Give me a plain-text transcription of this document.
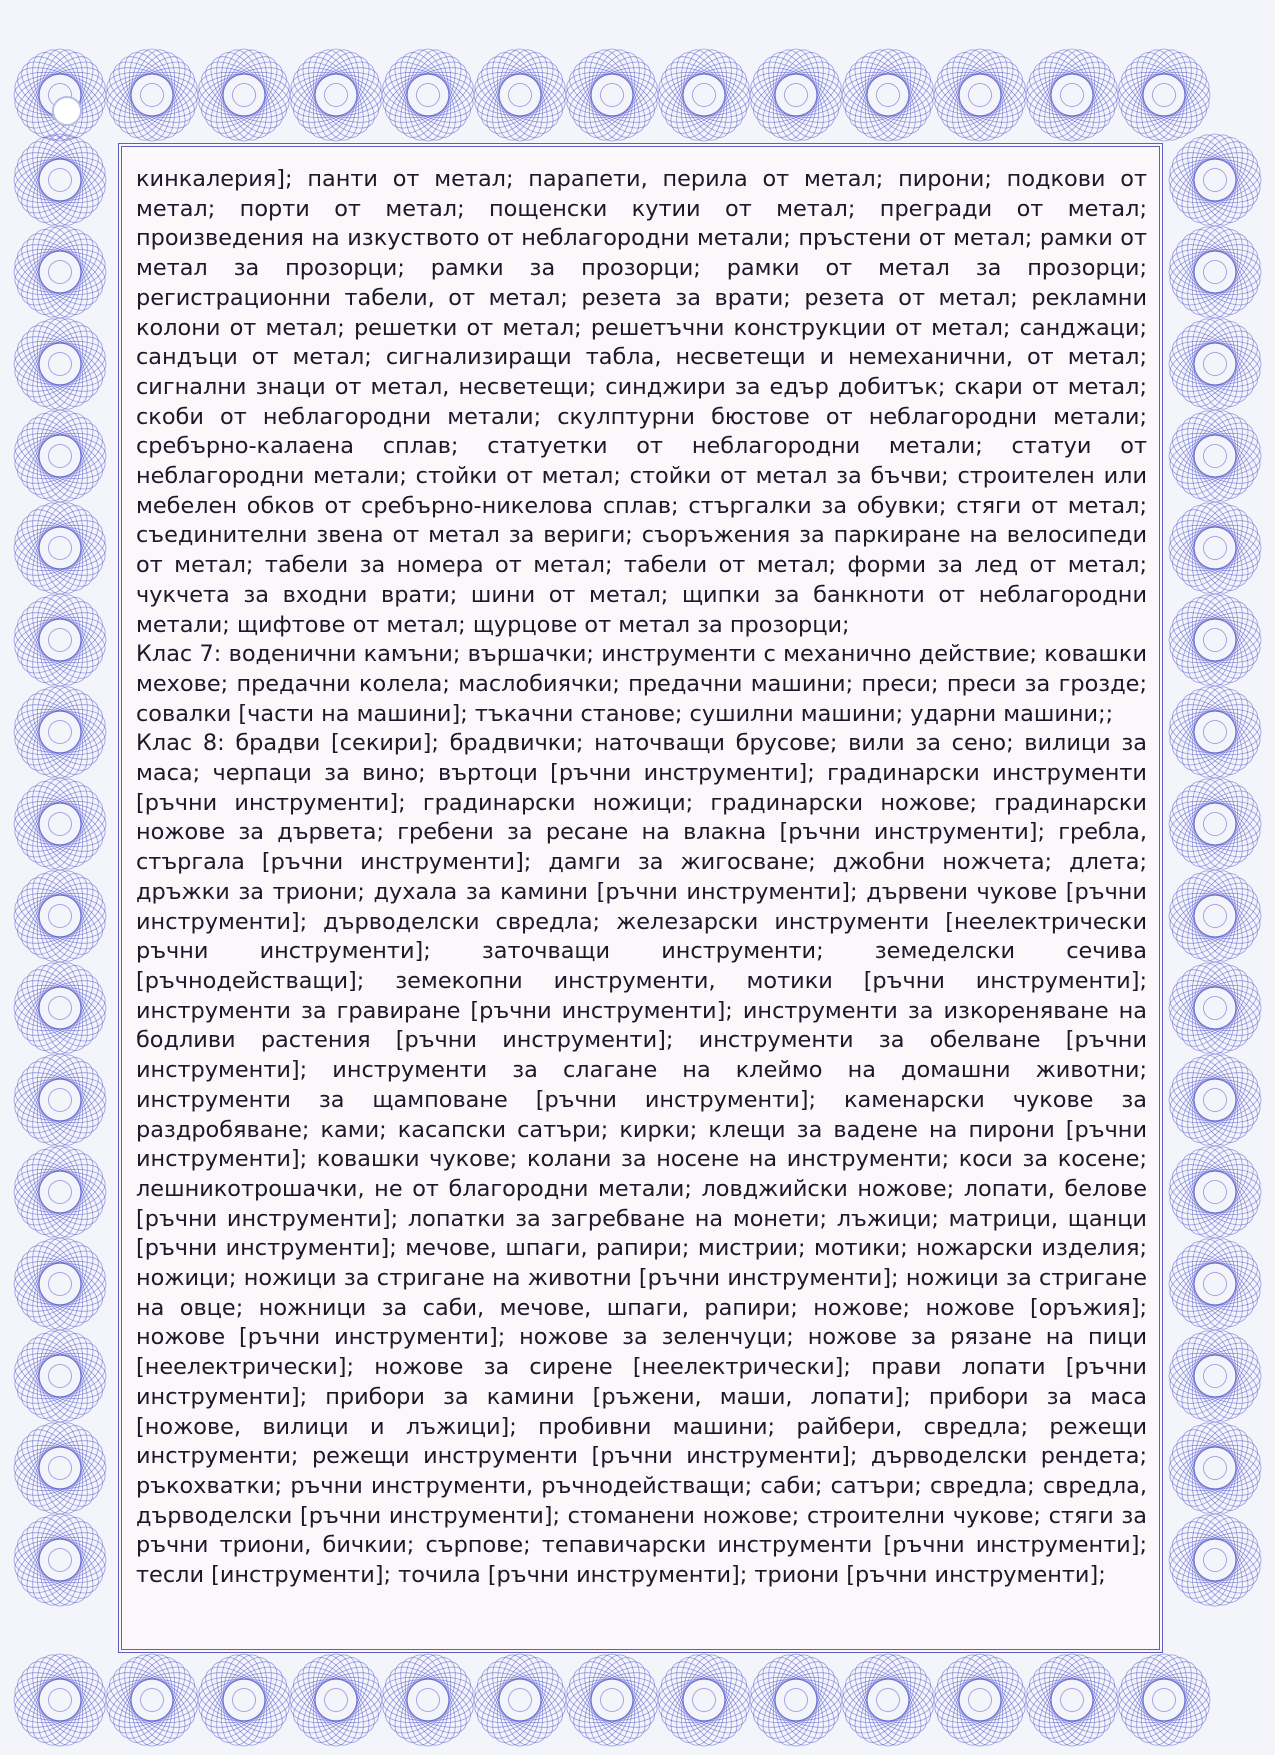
кинкалерия]; панти от метал; парапети, перила от метал; пирони; подкови от метал; порти от метал; пощенски кутии от метал; прегради от метал; произведения на изкуството от неблагородни метали; пръстени от метал; рамки от метал за прозорци; рамки за прозорци; рамки от метал за прозорци; регистрационни табели, от метал; резета за врати; резета от метал; рекламни колони от метал; решетки от метал; решетъчни конструкции от метал; санджаци; сандъци от метал; сигнализиращи табла, несветещи и немеханични, от метал; сигнални знаци от метал, несветещи; синджири за едър добитък; скари от метал; скоби от неблагородни метали; скулптурни бюстове от неблагородни метали; сребърно-калаена сплав; статуетки от неблагородни метали; статуи от неблагородни метали; стойки от метал; стойки от метал за бъчви; строителен или мебелен обков от сребърно-никелова сплав; стъргалки за обувки; стяги от метал; съединителни звена от метал за вериги; съоръжения за паркиране на велосипеди от метал; табели за номера от метал; табели от метал; форми за лед от метал; чукчета за входни врати; шини от метал; щипки за банкноти от неблагородни метали; щифтове от метал; щурцове от метал за прозорци;

Клас 7: воденични камъни; вършачки; инструменти с механично действие; ковашки мехове; предачни колела; маслобиячки; предачни машини; преси; преси за грозде; совалки [части на машини]; тъкачни станове; сушилни машини; ударни машини;;

Клас 8: брадви [секири]; брадвички; наточващи брусове; вили за сено; вилици за маса; черпаци за вино; въртоци [ръчни инструменти]; градинарски инструменти [ръчни инструменти]; градинарски ножици; градинарски ножове; градинарски ножове за дървета; гребени за ресане на влакна [ръчни инструменти]; гребла, стъргала [ръчни инструменти]; дамги за жигосване; джобни ножчета; длета; дръжки за триони; духала за камини [ръчни инструменти]; дървени чукове [ръчни инструменти]; дърводелски свредла; железарски инструменти [неелектрически ръчни инструменти]; заточващи инструменти; земеделски сечива [ръчнодействащи]; земекопни инструменти, мотики [ръчни инструменти]; инструменти за гравиране [ръчни инструменти]; инструменти за изкореняване на бодливи растения [ръчни инструменти]; инструменти за обелване [ръчни инструменти]; инструменти за слагане на клеймо на домашни животни; инструменти за щамповане [ръчни инструменти]; каменарски чукове за раздробяване; ками; касапски сатъри; кирки; клещи за вадене на пирони [ръчни инструменти]; ковашки чукове; колани за носене на инструменти; коси за косене; лешникотрошачки, не от благородни метали; ловджийски ножове; лопати, белове [ръчни инструменти]; лопатки за загребване на монети; лъжици; матрици, щанци [ръчни инструменти]; мечове, шпаги, рапири; мистрии; мотики; ножарски изделия; ножици; ножици за стригане на животни [ръчни инструменти]; ножици за стригане на овце; ножници за саби, мечове, шпаги, рапири; ножове; ножове [оръжия]; ножове [ръчни инструменти]; ножове за зеленчуци; ножове за рязане на пици [неелектрически]; ножове за сирене [неелектрически]; прави лопати [ръчни инструменти]; прибори за камини [ръжени, маши, лопати]; прибори за маса [ножове, вилици и лъжици]; пробивни машини; райбери, свредла; режещи инструменти; режещи инструменти [ръчни инструменти]; дърводелски рендета; ръкохватки; ръчни инструменти, ръчнодействащи; саби; сатъри; свредла; свредла, дърводелски [ръчни инструменти]; стоманени ножове; строителни чукове; стяги за ръчни триони, бичкии; сърпове; тепавичарски инструменти [ръчни инструменти]; тесли [инструменти]; точила [ръчни инструменти]; триони [ръчни инструменти];
